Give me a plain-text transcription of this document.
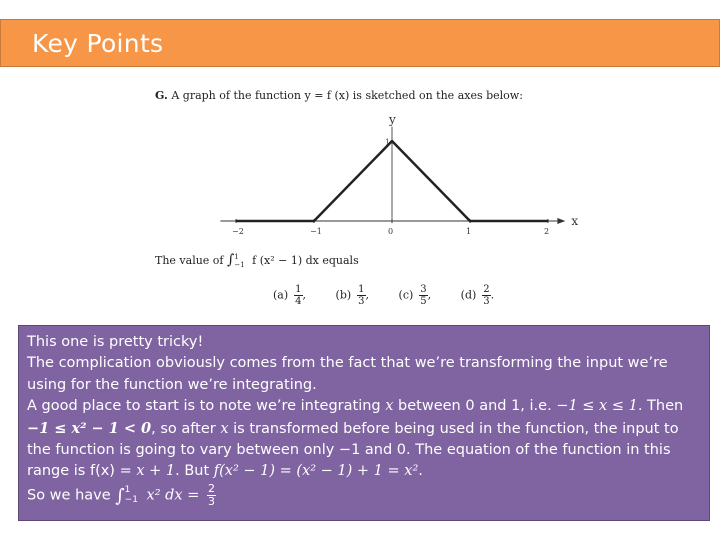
Key Points
G. A graph of the function y = f (x) is sketched on the axes below:
x
y
1
−2	−1	0	1	2
The value of ∫ 1
−1 f (x² − 1) dx equals
$(a) \frac{1}{4}$ ,	$(b) \frac{1}{3}$ ,	$(c) \frac{3}{5}$ ,	$(d) \frac{2}{3}$ .

This one is pretty tricky!

The complication obviously comes from the fact that we’re transforming the input we’re using for the function we’re integrating.

A good place to start is to note we’re integrating x between 0 and 1, i.e. −1 ≤ x ≤ 1. Then −1 ≤ x² − 1 < 0, so after x is transformed before being used in the function, the input to the function is going to vary between only −1 and 0. The equation of the function in this range is f(x) = x + 1. But f(x² − 1) = (x² − 1) + 1 = x².

So we have ∫ 1
−1 x² dx = $\frac{2}{3}$
